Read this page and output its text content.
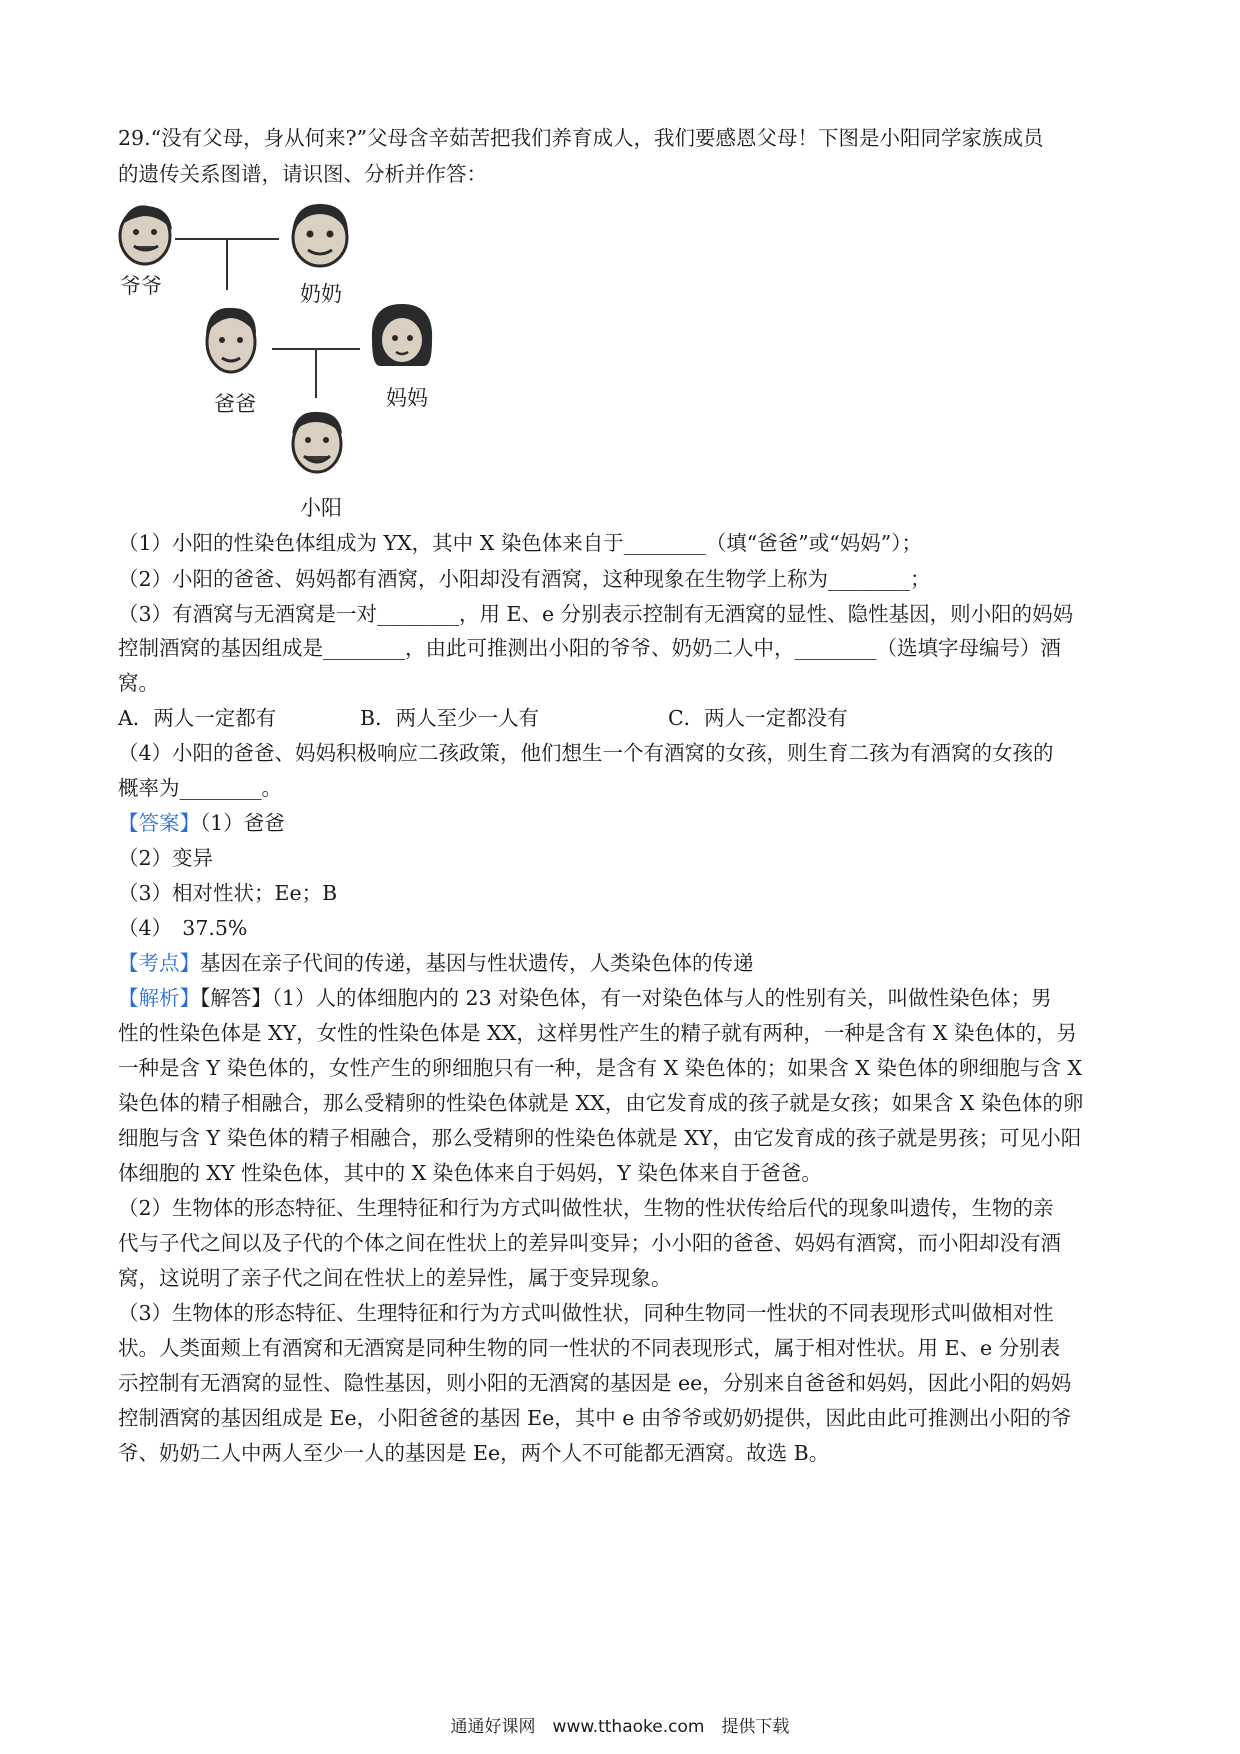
29.“没有父母，身从何来?”父母含辛茹苦把我们养育成人，我们要感恩父母！下图是小阳同学家族成员
的遗传关系图谱，请识图、分析并作答：
爷爷	奶奶
爸爸	妈妈
小阳
（1）小阳的性染色体组成为 YX，其中 X 染色体来自于________（填“爸爸”或“妈妈”）；
（2）小阳的爸爸、妈妈都有酒窝，小阳却没有酒窝，这种现象在生物学上称为________；
（3）有酒窝与无酒窝是一对________，用 E、e 分别表示控制有无酒窝的显性、隐性基因，则小阳的妈妈
控制酒窝的基因组成是________，由此可推测出小阳的爷爷、奶奶二人中，________（选填字母编号）酒
窝。
A．两人一定都有	B．两人至少一人有	C．两人一定都没有
（4）小阳的爸爸、妈妈积极响应二孩政策，他们想生一个有酒窝的女孩，则生育二孩为有酒窝的女孩的
概率为________。
【答案】（1）爸爸
（2）变异
（3）相对性状；Ee；B
（4）　37.5%
【考点】基因在亲子代间的传递，基因与性状遗传，人类染色体的传递
【解析】【解答】（1）人的体细胞内的 23 对染色体，有一对染色体与人的性别有关，叫做性染色体；男
性的性染色体是 XY，女性的性染色体是 XX，这样男性产生的精子就有两种，一种是含有 X 染色体的，另
一种是含 Y 染色体的，女性产生的卵细胞只有一种，是含有 X 染色体的；如果含 X 染色体的卵细胞与含 X
染色体的精子相融合，那么受精卵的性染色体就是 XX，由它发育成的孩子就是女孩；如果含 X 染色体的卵
细胞与含 Y 染色体的精子相融合，那么受精卵的性染色体就是 XY，由它发育成的孩子就是男孩；可见小阳
体细胞的 XY 性染色体，其中的 X 染色体来自于妈妈，Y 染色体来自于爸爸。
（2）生物体的形态特征、生理特征和行为方式叫做性状，生物的性状传给后代的现象叫遗传，生物的亲
代与子代之间以及子代的个体之间在性状上的差异叫变异；小小阳的爸爸、妈妈有酒窝，而小阳却没有酒
窝，这说明了亲子代之间在性状上的差异性，属于变异现象。
（3）生物体的形态特征、生理特征和行为方式叫做性状，同种生物同一性状的不同表现形式叫做相对性
状。人类面颊上有酒窝和无酒窝是同种生物的同一性状的不同表现形式，属于相对性状。用 E、e 分别表
示控制有无酒窝的显性、隐性基因，则小阳的无酒窝的基因是 ee，分别来自爸爸和妈妈，因此小阳的妈妈
控制酒窝的基因组成是 Ee，小阳爸爸的基因 Ee，其中 e 由爷爷或奶奶提供，因此由此可推测出小阳的爷
爷、奶奶二人中两人至少一人的基因是 Ee，两个人不可能都无酒窝。故选 B。
通通好课网　www.tthaoke.com　提供下载
